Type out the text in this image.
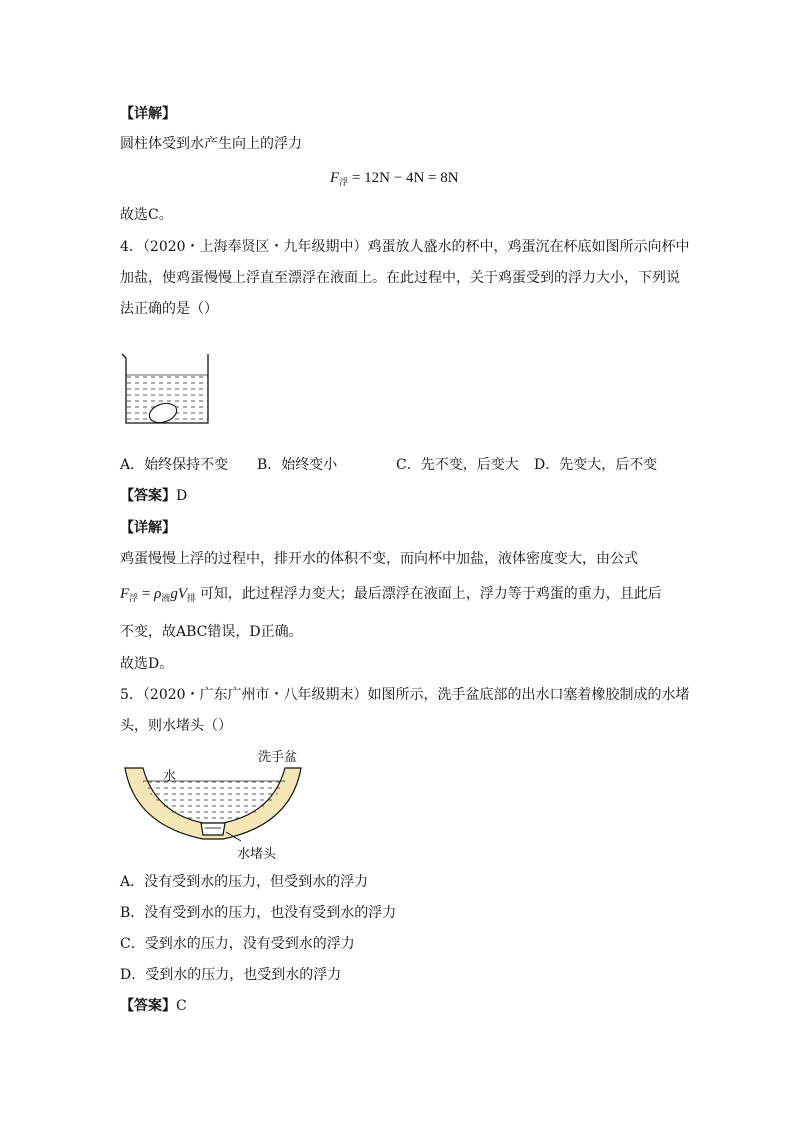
【详解】
圆柱体受到水产生向上的浮力
$F_浮 = 12N - 4N = 8N$
故选C。
4．（2020・上海奉贤区・九年级期中）鸡蛋放人盛水的杯中，鸡蛋沉在杯底如图所示向杯中
加盐，使鸡蛋慢慢上浮直至漂浮在液面上。在此过程中，关于鸡蛋受到的浮力大小，下列说
法正确的是（）
A．始终保持不变 B．始终变小	C．先不变，后变大 D．先变大，后不变
【答案】D
【详解】
鸡蛋慢慢上浮的过程中，排开水的体积不变，而向杯中加盐，液体密度变大，由公式
$F_浮 = \rho_液gV_排$ 可知，此过程浮力变大；最后漂浮在液面上，浮力等于鸡蛋的重力，且此后
不变，故ABC错误，D正确。
故选D。
5．（2020・广东广州市・八年级期末）如图所示，洗手盆底部的出水口塞着橡胶制成的水堵
头，则水堵头（）
洗手盆
水
水堵头
A．没有受到水的压力，但受到水的浮力
B．没有受到水的压力，也没有受到水的浮力
C．受到水的压力，没有受到水的浮力
D．受到水的压力，也受到水的浮力
【答案】C
